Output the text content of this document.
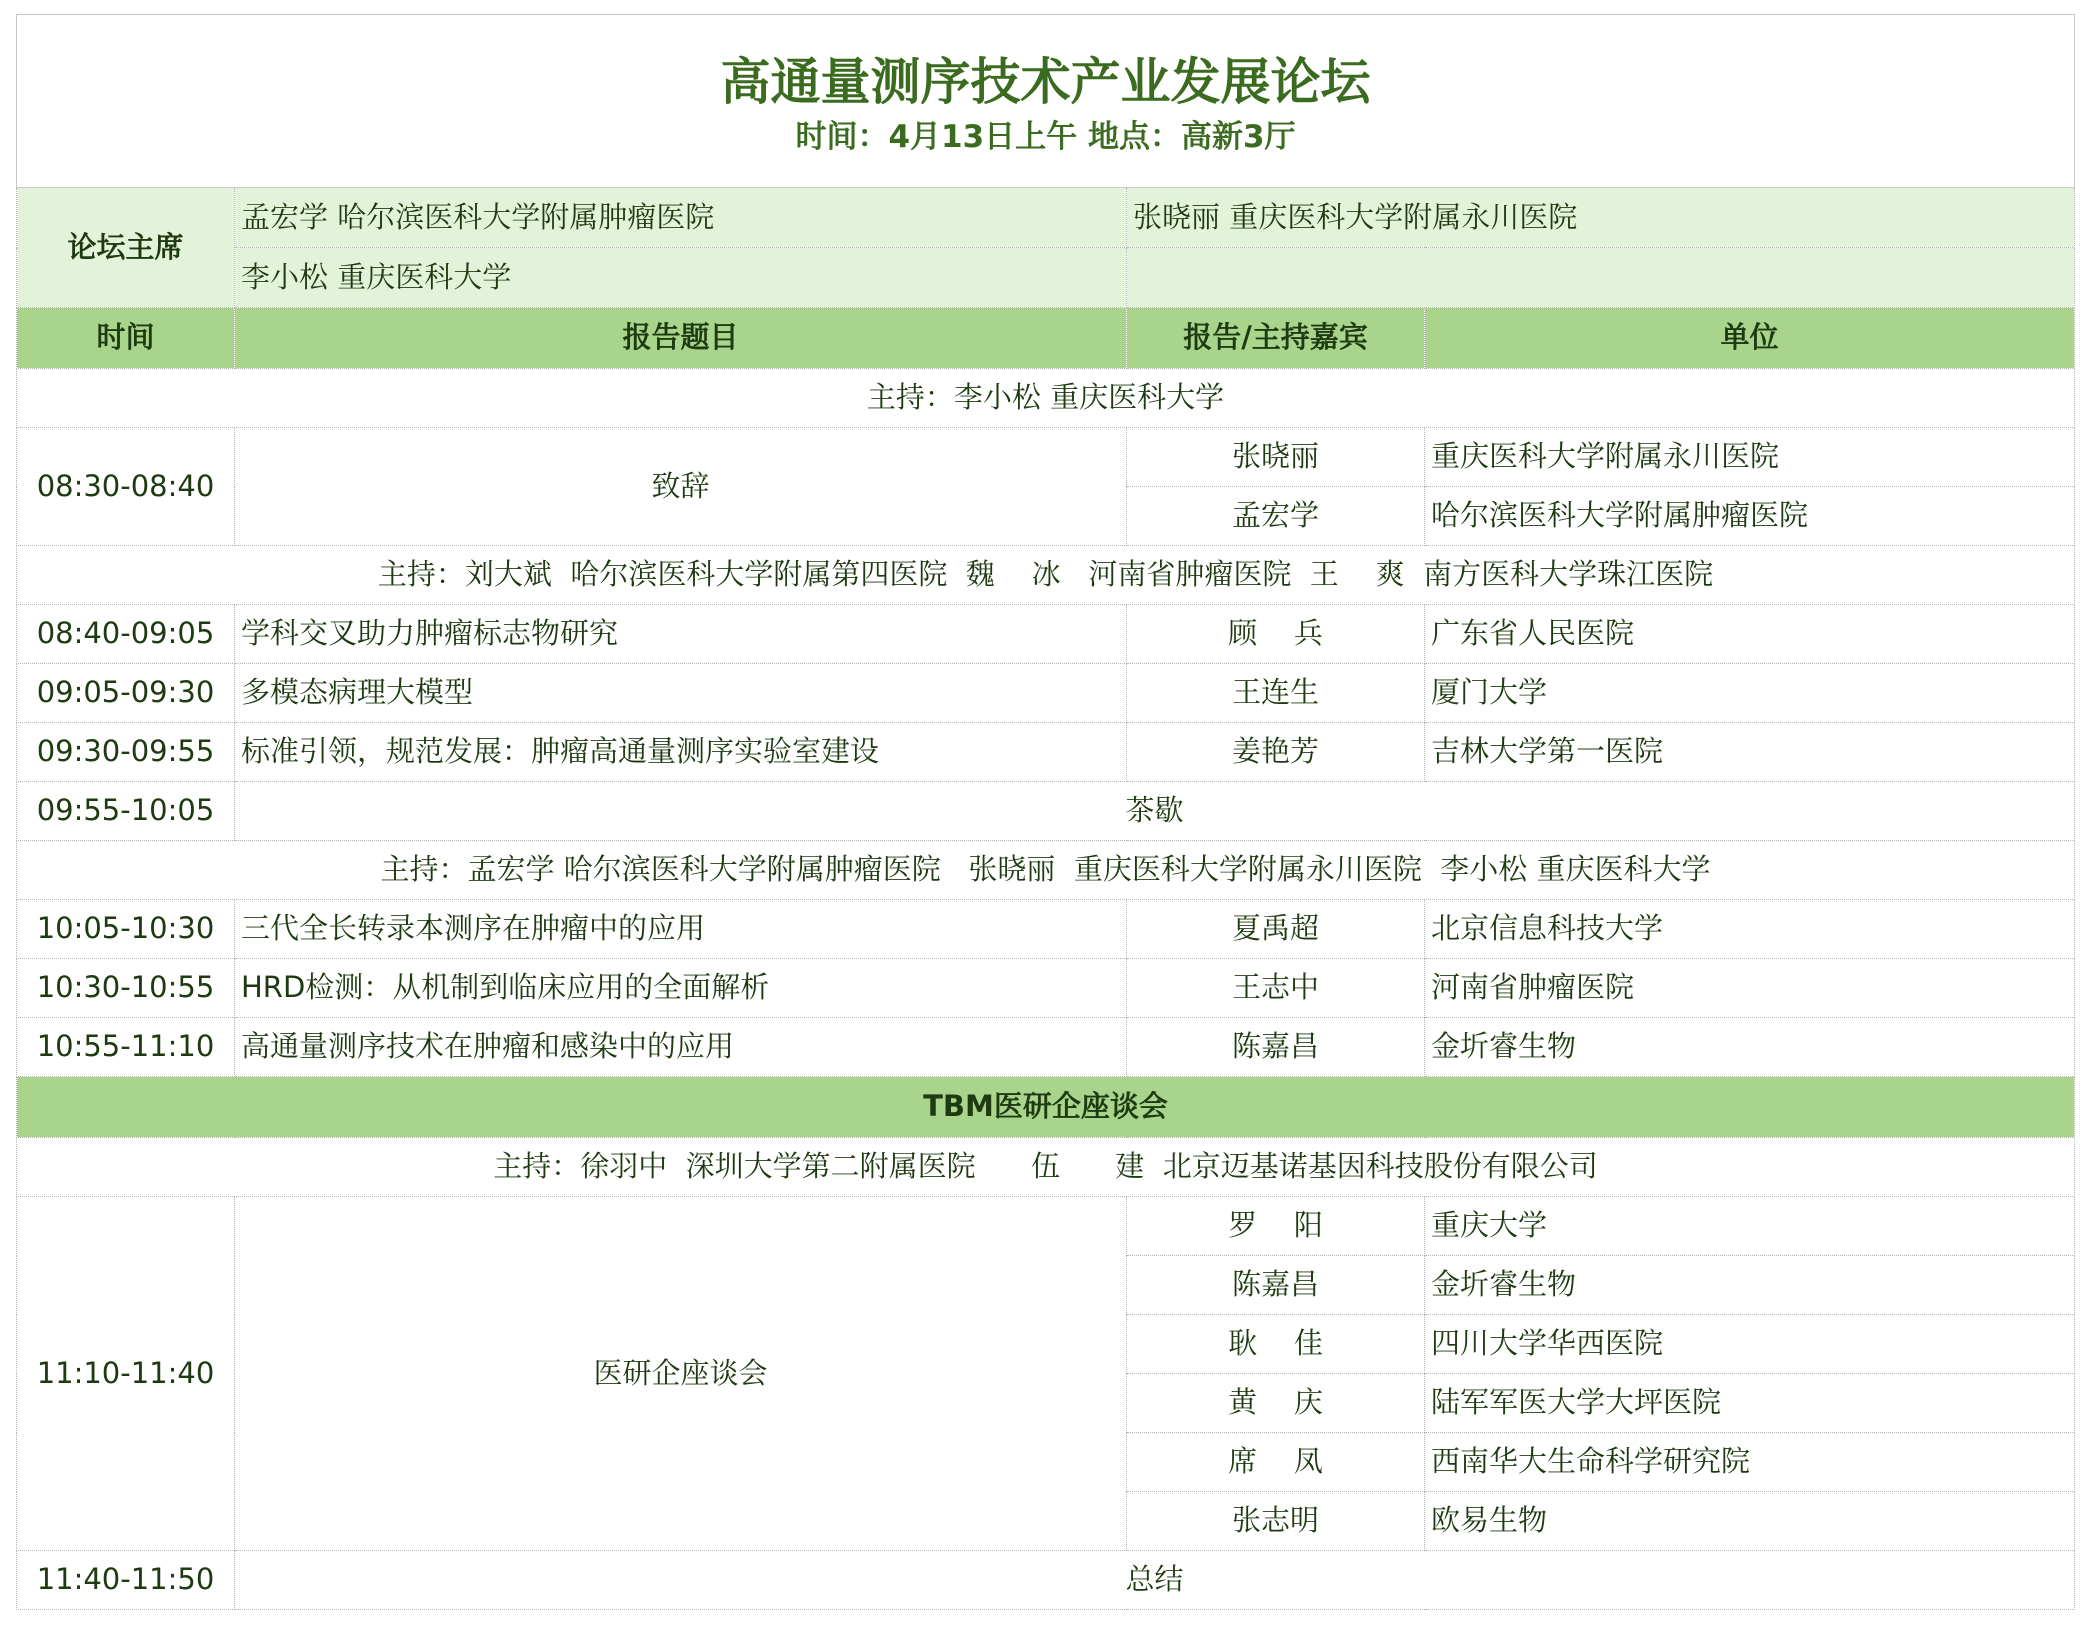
高通量测序技术产业发展论坛
时间：4月13日上午 地点：高新3厅			

论坛主席	孟宏学 哈尔滨医科大学附属肿瘤医院	张晓丽 重庆医科大学附属永川医院	
	李小松 重庆医科大学		
时间	报告题目	报告/主持嘉宾	单位
主持：李小松 重庆医科大学			
08:30-08:40	致辞	张晓丽	重庆医科大学附属永川医院
		孟宏学	哈尔滨医科大学附属肿瘤医院
主持：刘大斌  哈尔滨医科大学附属第四医院  魏    冰   河南省肿瘤医院  王    爽  南方医科大学珠江医院			
08:40-09:05	学科交叉助力肿瘤标志物研究	顾    兵	广东省人民医院
09:05-09:30	多模态病理大模型	王连生	厦门大学
09:30-09:55	标准引领，规范发展：肿瘤高通量测序实验室建设	姜艳芳	吉林大学第一医院
09:55-10:05	茶歇		
主持：孟宏学 哈尔滨医科大学附属肿瘤医院   张晓丽  重庆医科大学附属永川医院  李小松 重庆医科大学			
10:05-10:30	三代全长转录本测序在肿瘤中的应用	夏禹超	北京信息科技大学
10:30-10:55	HRD检测：从机制到临床应用的全面解析	王志中	河南省肿瘤医院
10:55-11:10	高通量测序技术在肿瘤和感染中的应用	陈嘉昌	金圻睿生物
TBM医研企座谈会			
主持：徐羽中  深圳大学第二附属医院      伍      建  北京迈基诺基因科技股份有限公司			
11:10-11:40	医研企座谈会	罗    阳	重庆大学
		陈嘉昌	金圻睿生物
		耿    佳	四川大学华西医院
		黄    庆	陆军军医大学大坪医院
		席    凤	西南华大生命科学研究院
		张志明	欧易生物
11:40-11:50	总结		
